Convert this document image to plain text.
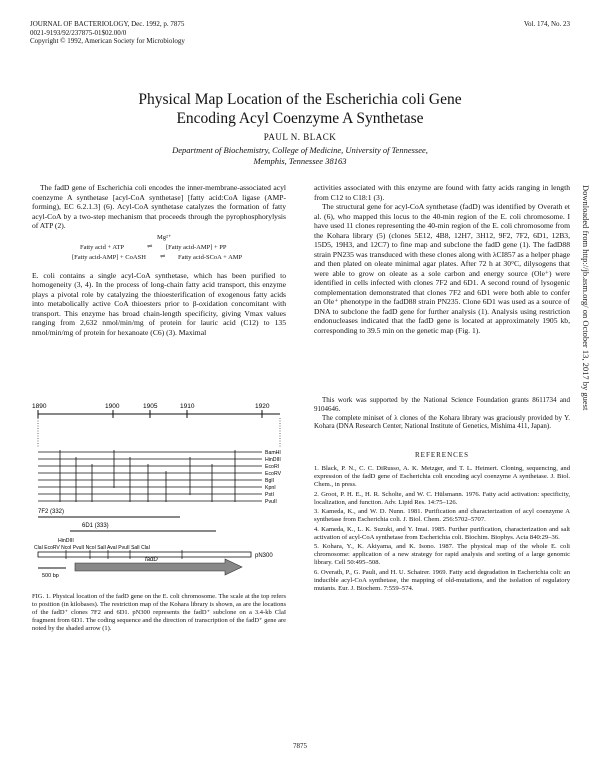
JOURNAL OF BACTERIOLOGY, Dec. 1992, p. 7875
0021-9193/92/237875-01$02.00/0
Copyright © 1992, American Society for Microbiology
Vol. 174, No. 23
Physical Map Location of the Escherichia coli Gene
Encoding Acyl Coenzyme A Synthetase
PAUL N. BLACK
Department of Biochemistry, College of Medicine, University of Tennessee,
Memphis, Tennessee 38163

The fadD gene of Escherichia coli encodes the inner-membrane-associated acyl coenzyme A synthetase [acyl-CoA synthetase] [fatty acid:CoA ligase (AMP-forming), EC 6.2.1.3] (6). Acyl-CoA synthetase catalyzes the formation of fatty acyl-CoA by a two-step mechanism that proceeds through the pyrophosphorylysis of ATP (2).

Mg²⁺
Fatty acid + ATP	⇌ [Fatty acid-AMP] + PP
[Fatty acid-AMP] + CoASH ⇌ Fatty acid-SCoA + AMP

E. coli contains a single acyl-CoA synthetase, which has been purified to homogeneity (3, 4). In the process of long-chain fatty acid transport, this enzyme plays a pivotal role by catalyzing the thioesterification of exogenous fatty acids into metabolically active CoA thioesters prior to β-oxidation concomitant with transport. This enzyme has broad chain-length specificity, giving Vmax values ranging from 2,632 nmol/min/mg of protein for lauric acid (C12) to 135 nmol/min/mg of protein for hexanoate (C6) (3). Maximal

activities associated with this enzyme are found with fatty acids ranging in length from C12 to C18:1 (3).

The structural gene for acyl-CoA synthetase (fadD) was identified by Overath et al. (6), who mapped this locus to the 40-min region of the E. coli chromosome. I have used 11 clones representing the 40-min region of the E. coli chromosome from the Kohara library (5) (clones 5E12, 4B8, 12H7, 3H12, 9F2, 7F2, 6D1, 12B3, 15D5, 19H3, and 12C7) to fine map and subclone the fadD gene (1). The fadD88 strain PN235 was transduced with these clones along with λCI857 as a helper phage and then plated on oleate minimal agar plates. After 72 h at 30°C, dilysogens that were able to grow on oleate as a sole carbon and energy source (Ole⁺) were identified in cells infected with clones 7F2 and 6D1. A second round of lysogenic complementation demonstrated that clones 7F2 and 6D1 were both able to confer an Ole⁺ phenotype in the fadD88 strain PN235. Clone 6D1 was used as a source of DNA to subclone the fadD gene for further analysis (1). Analysis using restriction endonucleases indicated that the fadD gene is located at approximately 1905 kb, corresponding to 39.5 min on the genetic map (Fig. 1).

This work was supported by the National Science Foundation grants 8611734 and 9104646.

The complete miniset of λ clones of the Kohara library was graciously provided by Y. Kohara (DNA Research Center, National Institute of Genetics, Mishima 411, Japan).

REFERENCES
1. Black, P. N., C. C. DiRusso, A. K. Metzger, and T. L. Heimert. Cloning, sequencing, and expression of the fadD gene of Escherichia coli encoding acyl coenzyme A synthetase. J. Biol. Chem., in press.
2. Groot, P. H. E., H. R. Scholte, and W. C. Hülsmann. 1976. Fatty acid activation: specificity, localization, and function. Adv. Lipid Res. 14:75–126.
3. Kameda, K., and W. D. Nunn. 1981. Purification and characterization of acyl coenzyme A synthetase from Escherichia coli. J. Biol. Chem. 256:5702–5707.
4. Kameda, K., L. K. Suzuki, and Y. Imai. 1985. Further purification, characterization and salt activation of acyl-CoA synthetase from Escherichia coli. Biochim. Biophys. Acta 840:29–36.
5. Kohara, Y., K. Akiyama, and K. Isono. 1987. The physical map of the whole E. coli chromosome: application of a new strategy for rapid analysis and sorting of a large genomic library. Cell 50:495–508.
6. Overath, P., G. Pauli, and H. U. Schairer. 1969. Fatty acid degradation in Escherichia coli: an inducible acyl-CoA synthetase, the mapping of old-mutations, and the isolation of regulatory mutants. Eur. J. Biochem. 7:559–574.
1890	1900	1905	1910	1920
BamHI
HinDIII
EcoRI
EcoRV
BglI
KpnI
PstI
PvuII
7F2 (332)
6D1 (333)
HinDIII
ClaI EcoRV NcoI PvuII NcoI SalI AvaI PvuII SalI ClaI
pN300
500 bp
fadD
FIG. 1. Physical location of the fadD gene on the E. coli chromosome. The scale at the top refers to position (in kilobases). The restriction map of the Kohara library is shown, as are the locations of the fadD⁺ clones 7F2 and 6D1. pN300 represents the fadD⁺ subclone on a 3.4-kb ClaI fragment from 6D1. The coding sequence and the direction of transcription of the fadD⁺ gene are noted by the shaded arrow (1).
7875
Downloaded from http://jb.asm.org/ on October 13, 2017 by guest
